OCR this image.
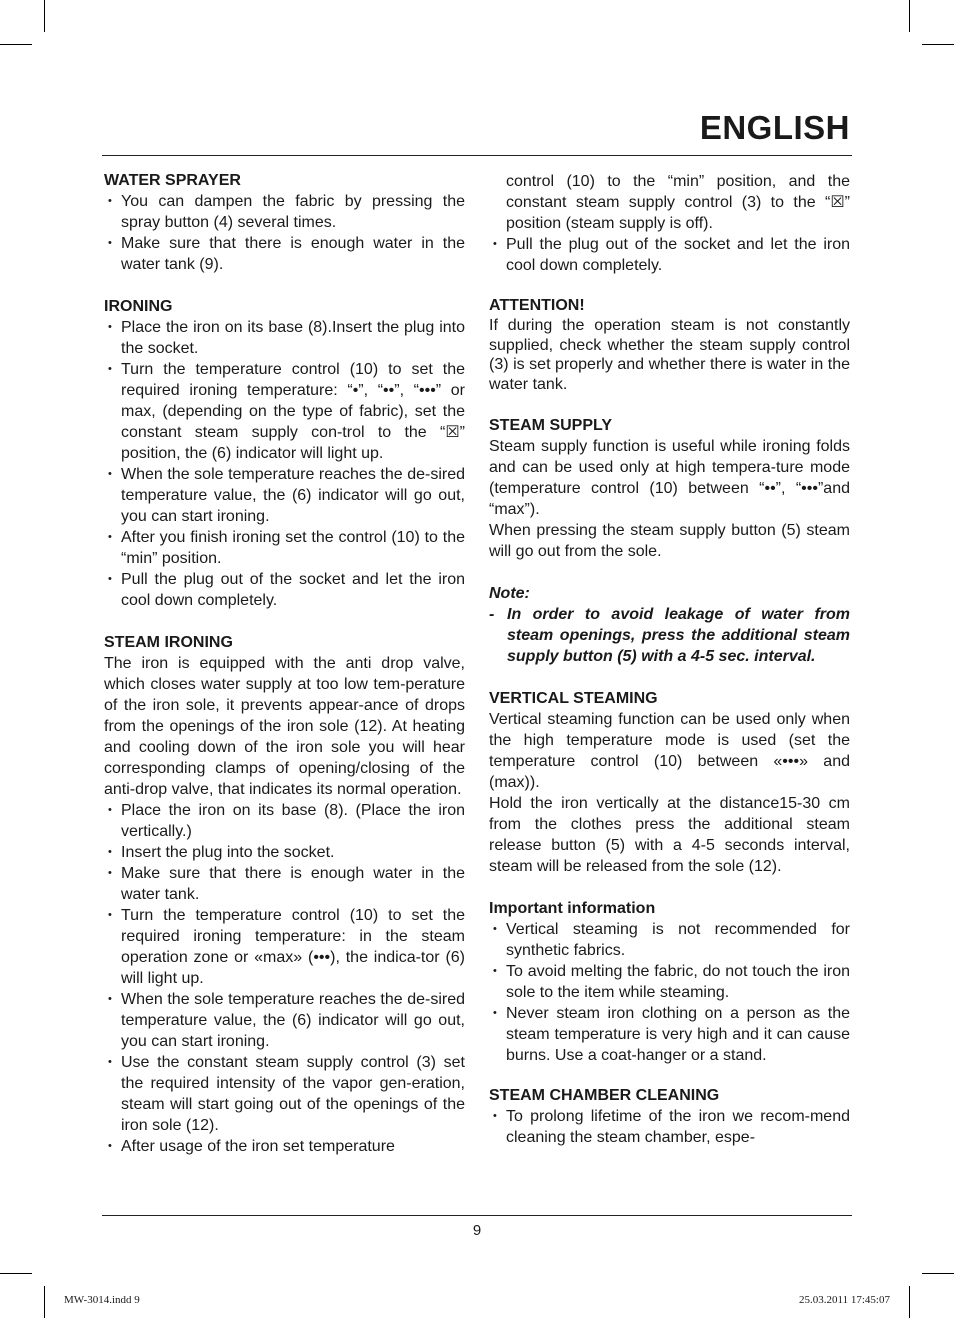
ENGLISH

WATER SPRAYER

• You can dampen the fabric by pressing the spray button (4) several times.
• Make sure that there is enough water in the water tank (9).

IRONING

• Place the iron on its base (8).Insert the plug into the socket.
• Turn the temperature control (10) to set the required ironing temperature: “•”, “••”, “•••” or max, (depending on the type of fabric), set the constant steam supply con-trol to the “☒” position, the (6) indicator will light up.
• When the sole temperature reaches the de-sired temperature value, the (6) indicator will go out, you can start ironing.
• After you finish ironing set the control (10) to the “min” position.
• Pull the plug out of the socket and let the iron cool down completely.

STEAM IRONING

The iron is equipped with the anti drop valve, which closes water supply at too low tem-perature of the iron sole, it prevents appear-ance of drops from the openings of the iron sole (12). At heating and cooling down of the iron sole you will hear corresponding clamps of opening/closing of the anti-drop valve, that indicates its normal operation.

• Place the iron on its base (8). (Place the iron vertically.)
• Insert the plug into the socket.
• Make sure that there is enough water in the water tank.
• Turn the temperature control (10) to set the required ironing temperature: in the steam operation zone or «max» (•••), the indica-tor (6) will light up.
• When the sole temperature reaches the de-sired temperature value, the (6) indicator will go out, you can start ironing.
• Use the constant steam supply control (3) set the required intensity of the vapor gen-eration, steam will start going out of the openings of the iron sole (12).
• After usage of the iron set temperature

control (10) to the “min” position, and the constant steam supply control (3) to the “☒” position (steam supply is off).

• Pull the plug out of the socket and let the iron cool down completely.

ATTENTION!

If during the operation steam is not constantly supplied, check whether the steam supply control (3) is set properly and whether there is water in the water tank.

STEAM SUPPLY

Steam supply function is useful while ironing folds and can be used only at high tempera-ture mode (temperature control (10) between “••”, “•••”and “max”).

When pressing the steam supply button (5) steam will go out from the sole.

Note:

- In order to avoid leakage of water from steam openings, press the additional steam supply button (5) with a 4-5 sec. interval.

VERTICAL STEAMING

Vertical steaming function can be used only when the high temperature mode is used (set the temperature control (10) between «•••» and (max)).

Hold the iron vertically at the distance15-30 cm from the clothes press the additional steam release button (5) with a 4-5 seconds interval, steam will be released from the sole (12).

Important information

• Vertical steaming is not recommended for synthetic fabrics.
• To avoid melting the fabric, do not touch the iron sole to the item while steaming.
• Never steam iron clothing on a person as the steam temperature is very high and it can cause burns. Use a coat-hanger or a stand.

STEAM CHAMBER CLEANING

• To prolong lifetime of the iron we recom-mend cleaning the steam chamber, espe-
9
MW-3014.indd 9	25.03.2011 17:45:07
